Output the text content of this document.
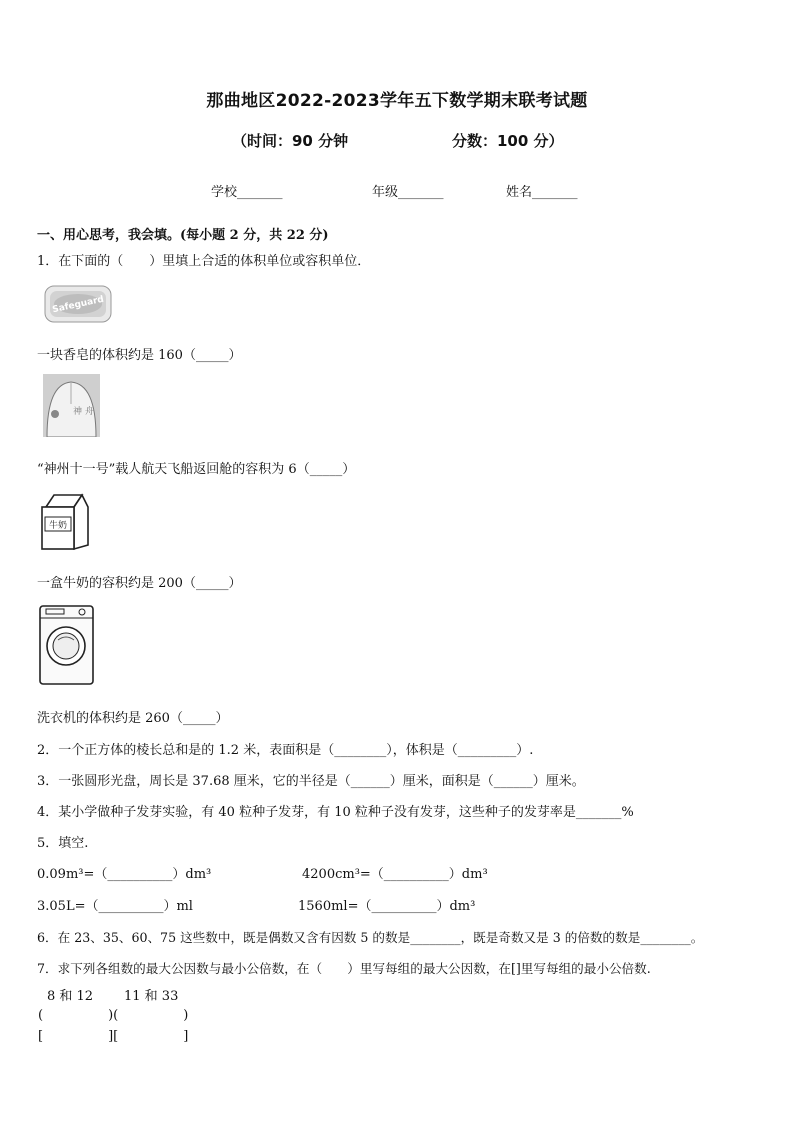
那曲地区2022-2023学年五下数学期末联考试题
（时间：90 分钟	分数：100 分）
学校_______	年级_______	姓名_______
一、用心思考，我会填。(每小题 2 分，共 22 分)
1．在下面的（　　）里填上合适的体积单位或容积单位．
Safeguard
一块香皂的体积约是 160（_____）
神 舟
“神州十一号”载人航天飞船返回舱的容积为 6（_____）
牛奶
一盒牛奶的容积约是 200（_____）
洗衣机的体积约是 260（_____）
2．一个正方体的棱长总和是的 1.2 米，表面积是（________），体积是（_________）.
3．一张圆形光盘，周长是 37.68 厘米，它的半径是（______）厘米，面积是（______）厘米。
4．某小学做种子发芽实验，有 40 粒种子发芽，有 10 粒种子没有发芽，这些种子的发芽率是_______%
5．填空.
0.09m³=（__________）dm³	4200cm³=（__________）dm³
3.05L=（__________）ml	1560ml=（__________）dm³
6．在 23、35、60、75 这些数中，既是偶数又含有因数 5 的数是________，既是奇数又是 3 的倍数的数是________。
7．求下列各组数的最大公因数与最小公倍数，在（　　）里写每组的最大公因数，在[]里写每组的最小公倍数.
8 和 12 11 和 33
(　　　　　)(　　　　　)
[　　　　　][　　　　　]
